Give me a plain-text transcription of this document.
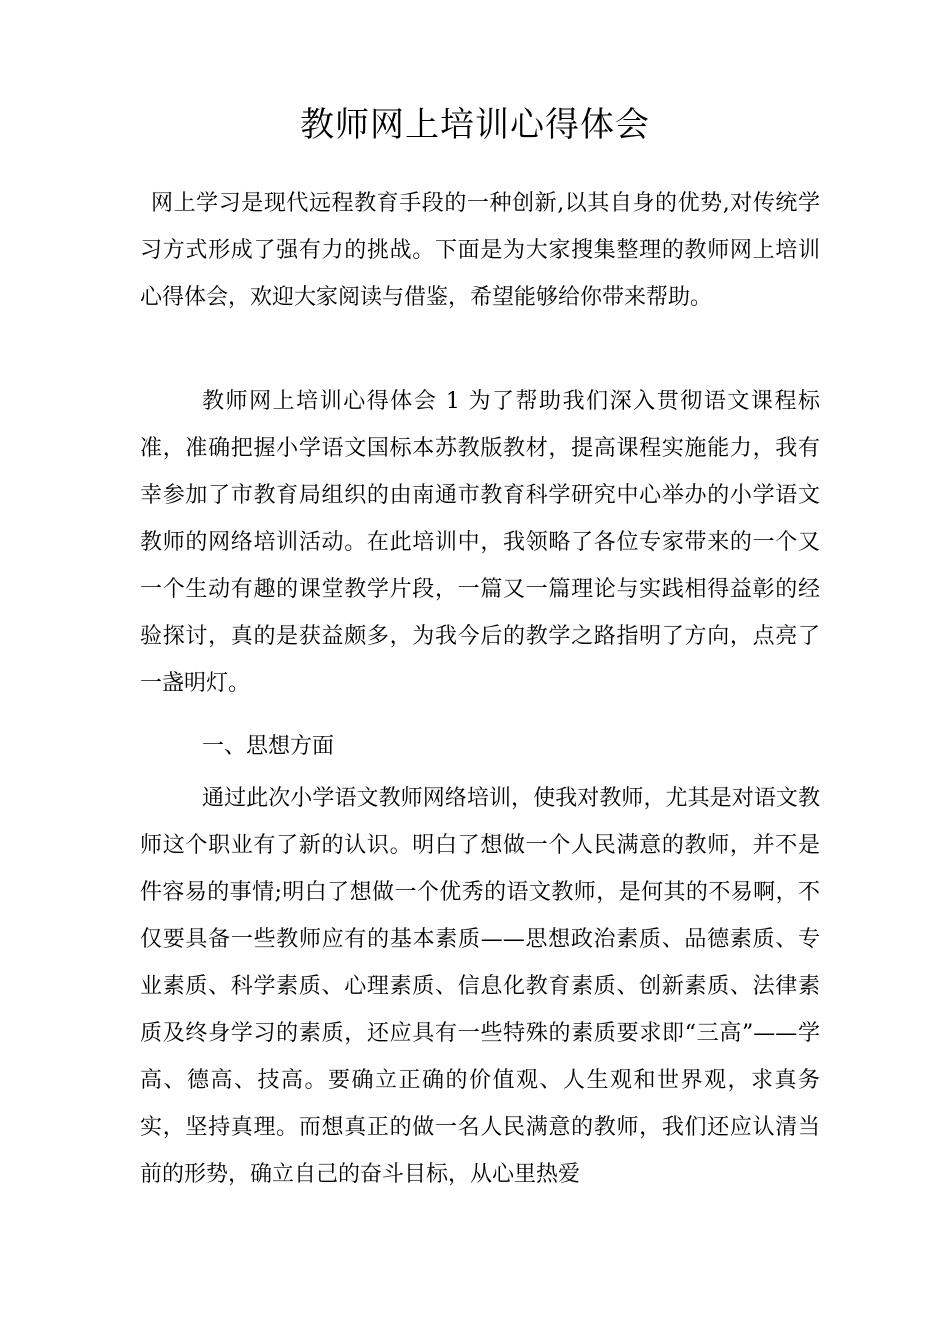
教师网上培训心得体会

网上学习是现代远程教育手段的一种创新,以其自身的优势,对传统学习方式形成了强有力的挑战。下面是为大家搜集整理的教师网上培训心得体会，欢迎大家阅读与借鉴，希望能够给你带来帮助。

教师网上培训心得体会 1 为了帮助我们深入贯彻语文课程标准，准确把握小学语文国标本苏教版教材，提高课程实施能力，我有幸参加了市教育局组织的由南通市教育科学研究中心举办的小学语文教师的网络培训活动。在此培训中，我领略了各位专家带来的一个又一个生动有趣的课堂教学片段，一篇又一篇理论与实践相得益彰的经验探讨，真的是获益颇多，为我今后的教学之路指明了方向，点亮了一盏明灯。

一、思想方面

通过此次小学语文教师网络培训，使我对教师，尤其是对语文教师这个职业有了新的认识。明白了想做一个人民满意的教师，并不是件容易的事情;明白了想做一个优秀的语文教师，是何其的不易啊，不仅要具备一些教师应有的基本素质——思想政治素质、品德素质、专业素质、科学素质、心理素质、信息化教育素质、创新素质、法律素质及终身学习的素质，还应具有一些特殊的素质要求即“三高”——学高、德高、技高。要确立正确的价值观、人生观和世界观，求真务实，坚持真理。而想真正的做一名人民满意的教师，我们还应认清当前的形势，确立自己的奋斗目标，从心里热爱
